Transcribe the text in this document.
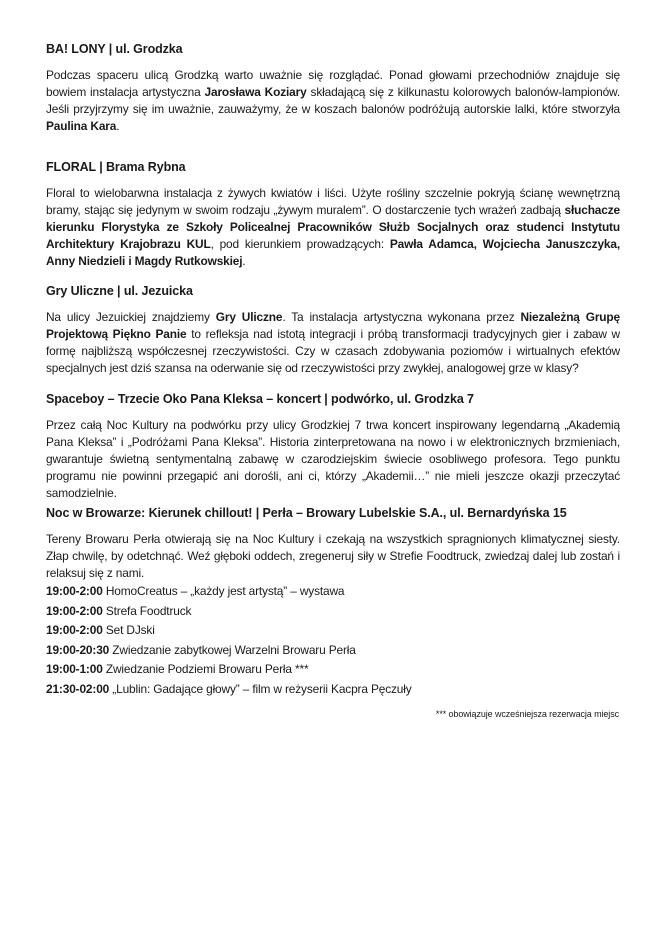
BA! LONY | ul. Grodzka

Podczas spaceru ulicą Grodzką warto uważnie się rozglądać. Ponad głowami przechodniów znajduje się bowiem instalacja artystyczna Jarosława Koziary składającą się z kilkunastu kolorowych balonów-lampionów. Jeśli przyjrzymy się im uważnie, zauważymy, że w koszach balonów podróżują autorskie lalki, które stworzyła Paulina Kara.

FLORAL | Brama Rybna

Floral to wielobarwna instalacja z żywych kwiatów i liści. Użyte rośliny szczelnie pokryją ścianę wewnętrzną bramy, stając się jedynym w swoim rodzaju „żywym muralem”. O dostarczenie tych wrażeń zadbają słuchacze kierunku Florystyka ze Szkoły Policealnej Pracowników Służb Socjalnych oraz studenci Instytutu Architektury Krajobrazu KUL, pod kierunkiem prowadzących: Pawła Adamca, Wojciecha Januszczyka, Anny Niedzieli i Magdy Rutkowskiej.

Gry Uliczne | ul. Jezuicka

Na ulicy Jezuickiej znajdziemy Gry Uliczne. Ta instalacja artystyczna wykonana przez Niezależną Grupę Projektową Piękno Panie to refleksja nad istotą integracji i próbą transformacji tradycyjnych gier i zabaw w formę najbliższą współczesnej rzeczywistości. Czy w czasach zdobywania poziomów i wirtualnych efektów specjalnych jest dziś szansa na oderwanie się od rzeczywistości przy zwykłej, analogowej grze w klasy?

Spaceboy – Trzecie Oko Pana Kleksa – koncert | podwórko, ul. Grodzka 7

Przez całą Noc Kultury na podwórku przy ulicy Grodzkiej 7 trwa koncert inspirowany legendarną „Akademią Pana Kleksa” i „Podróżami Pana Kleksa”. Historia zinterpretowana na nowo i w elektronicznych brzmieniach, gwarantuje świetną sentymentalną zabawę w czarodziejskim świecie osobliwego profesora. Tego punktu programu nie powinni przegapić ani dorośli, ani ci, którzy „Akademii…” nie mieli jeszcze okazji przeczytać samodzielnie.

Noc w Browarze: Kierunek chillout! | Perła – Browary Lubelskie S.A., ul. Bernardyńska 15

Tereny Browaru Perła otwierają się na Noc Kultury i czekają na wszystkich spragnionych klimatycznej siesty. Złap chwilę, by odetchnąć. Weź głęboki oddech, zregeneruj siły w Strefie Foodtruck, zwiedzaj dalej lub zostań i relaksuj się z nami.

19:00-2:00 HomoCreatus – „każdy jest artystą” – wystawa
19:00-2:00 Strefa Foodtruck
19:00-2:00 Set DJski
19:00-20:30 Zwiedzanie zabytkowej Warzelni Browaru Perła
19:00-1:00 Zwiedzanie Podziemi Browaru Perła ***
21:30-02:00 „Lublin: Gadające głowy” – film w reżyserii Kacpra Pęczuły
*** obowiązuje wcześniejsza rezerwacja miejsc
